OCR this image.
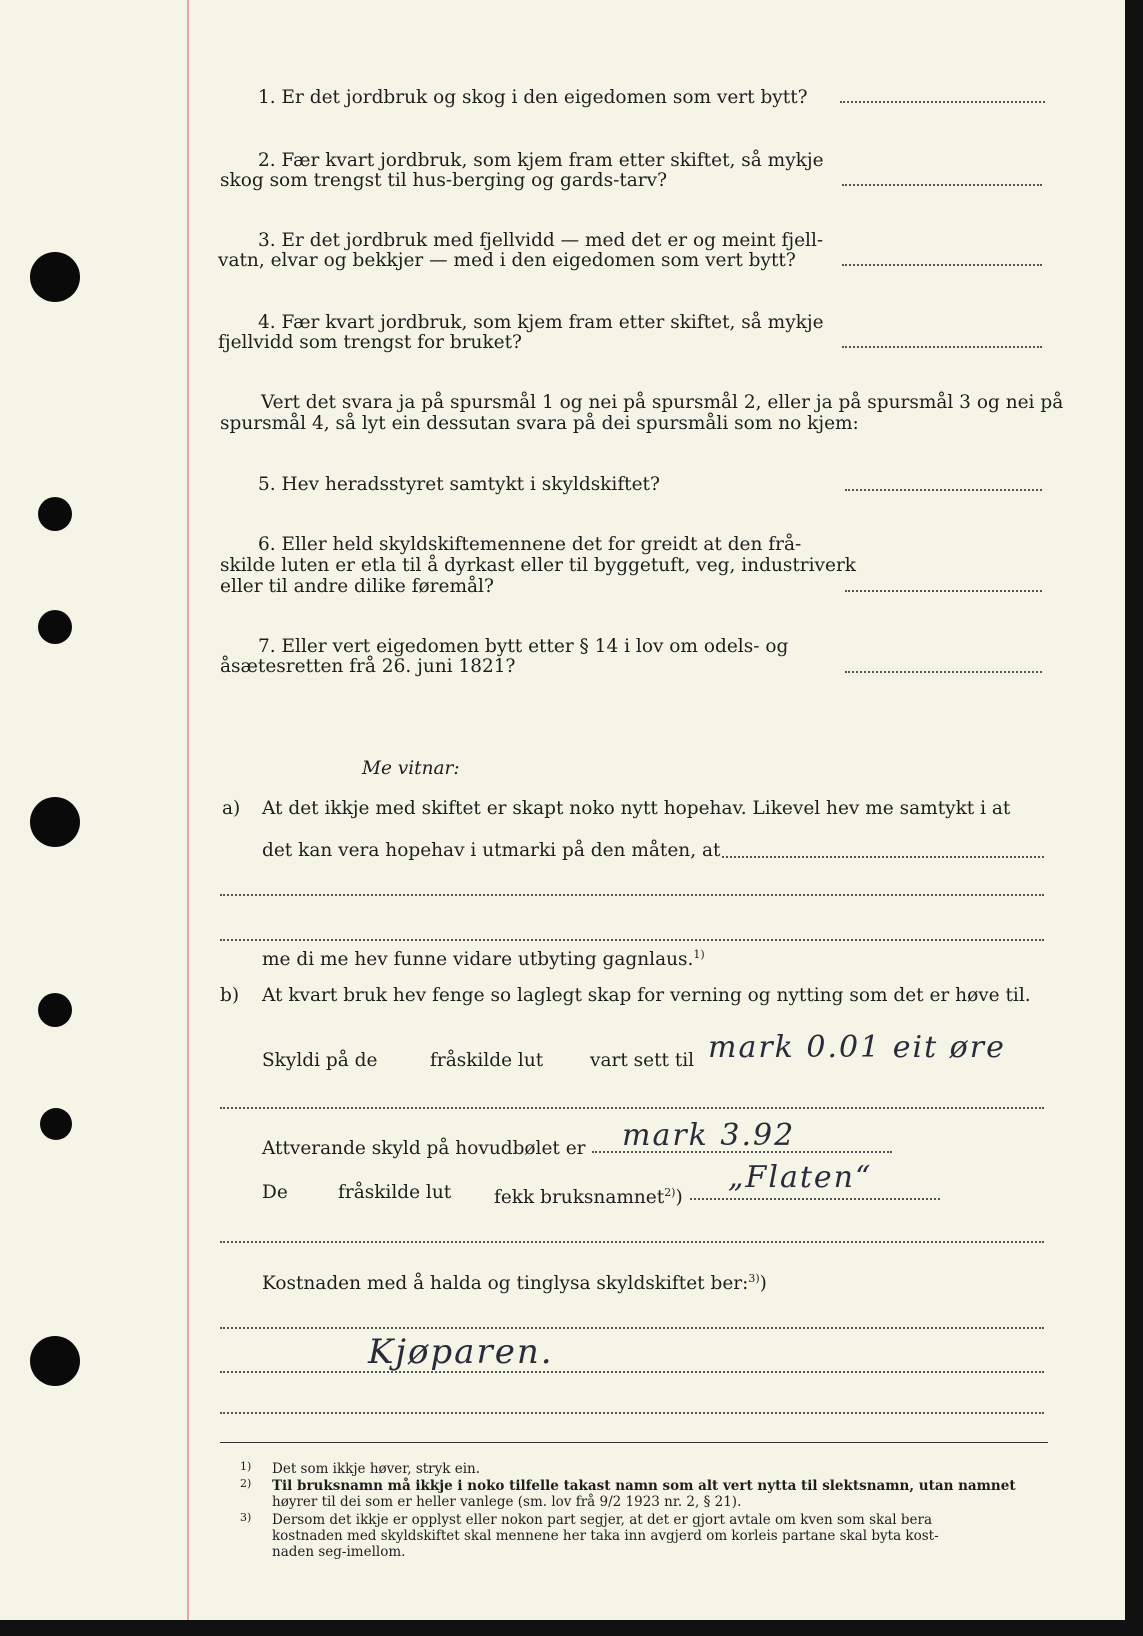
1. Er det jordbruk og skog i den eigedomen som vert bytt?
2. Fær kvart jordbruk, som kjem fram etter skiftet, så mykje
skog som trengst til hus-berging og gards-tarv?
3. Er det jordbruk med fjellvidd — med det er og meint fjell-
vatn, elvar og bekkjer — med i den eigedomen som vert bytt?
4. Fær kvart jordbruk, som kjem fram etter skiftet, så mykje
fjellvidd som trengst for bruket?
Vert det svara ja på spursmål 1 og nei på spursmål 2, eller ja på spursmål 3 og nei på
spursmål 4, så lyt ein dessutan svara på dei spursmåli som no kjem:
5. Hev heradsstyret samtykt i skyldskiftet?
6. Eller held skyldskiftemennene det for greidt at den frå-
skilde luten er etla til å dyrkast eller til byggetuft, veg, industriverk
eller til andre dilike føremål?
7. Eller vert eigedomen bytt etter § 14 i lov om odels- og
åsætesretten frå 26. juni 1821?
Me vitnar:
a) At det ikkje med skiftet er skapt noko nytt hopehav. Likevel hev me samtykt i at
det kan vera hopehav i utmarki på den måten, at
me di me hev funne vidare utbyting gagnlaus.$^{1)}$
b) At kvart bruk hev fenge so laglegt skap for verning og nytting som det er høve til.
Skyldi på de	fråskilde lut	vart sett til mark 0.01 eit øre
Attverande skyld på hovudbølet er mark 3.92
De	fråskilde lut fekk bruksnamnet$^{2)}$)
„Flaten“
Kostnaden med å halda og tinglysa skyldskiftet ber:$^{3)}$)
Kjøparen.
1) Det som ikkje høver, stryk ein.
2) Til bruksnamn må ikkje i noko tilfelle takast namn som alt vert nytta til slektsnamn, utan namnet
høyrer til dei som er heller vanlege (sm. lov frå 9/2 1923 nr. 2, § 21).
3) Dersom det ikkje er opplyst eller nokon part segjer, at det er gjort avtale om kven som skal bera
kostnaden med skyldskiftet skal mennene her taka inn avgjerd om korleis partane skal byta kost-
naden seg-imellom.
